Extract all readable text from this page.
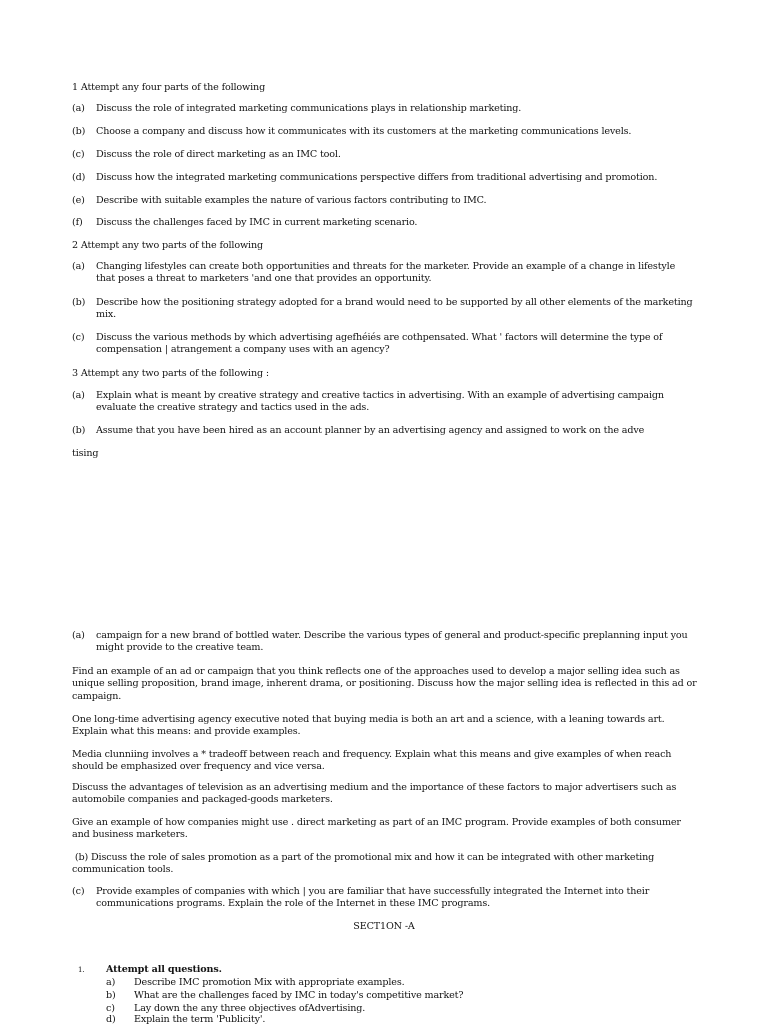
1 Attempt any four parts of the following
(a) Discuss the role of integrated marketing communications plays in relationship marketing.
(b) Choose a company and discuss how it communicates with its customers at the marketing communications levels.
(c) Discuss the role of direct marketing as an IMC tool.
(d) Discuss how the integrated marketing communications perspective differs from traditional advertising and promotion.
(e) Describe with suitable examples the nature of various factors contributing to IMC.
(f) Discuss the challenges faced by IMC in current marketing scenario.
2 Attempt any two parts of the following
(a) Changing lifestyles can create both opportunities and threats for the marketer. Provide an example of a change in lifestyle that poses a threat to marketers 'and one that provides an opportunity.
(b) Describe how the positioning strategy adopted for a brand would need to be supported by all other elements of the marketing mix.
(c) Discuss the various methods by which advertising agefhéiés are cothpensated. What ' factors will determine the type of compensation | atrangement a company uses with an agency?
3 Attempt any two parts of the following :
(a) Explain what is meant by creative strategy and creative tactics in advertising. With an example of advertising campaign evaluate the creative strategy and tactics used in the ads.
(b) Assume that you have been hired as an account planner by an advertising agency and assigned to work on the adve
tising
(a) campaign for a new brand of bottled water. Describe the various types of general and product-specific preplanning input you might provide to the creative team.
Find an example of an ad or campaign that you think reflects one of the approaches used to develop a major selling idea such as unique selling proposition, brand image, inherent drama, or positioning. Discuss how the major selling idea is reflected in this ad or campaign.
One long-time advertising agency executive noted that buying media is both an art and a science, with a leaning towards art. Explain what this means: and provide examples.
Media clunniing involves a * tradeoff between reach and frequency. Explain what this means and give examples of when reach should be emphasized over frequency and vice versa.
Discuss the advantages of television as an advertising medium and the importance of these factors to major advertisers such as automobile companies and packaged-goods marketers.
Give an example of how companies might use . direct marketing as part of an IMC program. Provide examples of both consumer and business marketers.
(b) Discuss the role of sales promotion as a part of the promotional mix and how it can be integrated with other marketing communication tools.
(c) Provide examples of companies with which | you are familiar that have successfully integrated the Internet into their communications programs. Explain the role of the Internet in these IMC programs.
SECT1ON -A
1. Attempt all questions.
a) Describe IMC promotion Mix with appropriate examples.
b) What are the challenges faced by IMC in today's competitive market?
c) Lay down the any three objectives ofAdvertising.
d) Explain the term 'Publicity'.
